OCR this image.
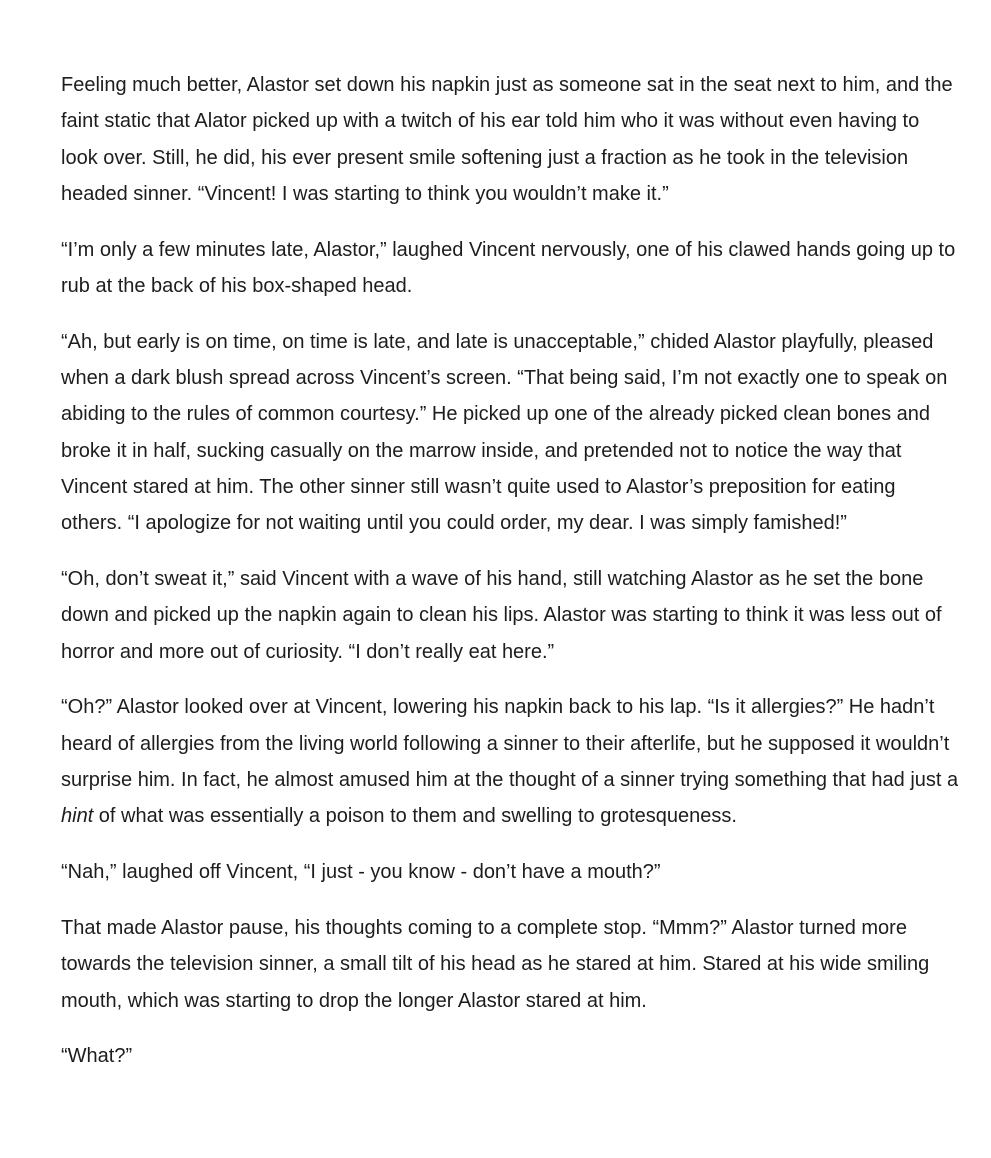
Feeling much better, Alastor set down his napkin just as someone sat in the seat next to him, and the faint static that Alator picked up with a twitch of his ear told him who it was without even having to look over. Still, he did, his ever present smile softening just a fraction as he took in the television headed sinner. “Vincent! I was starting to think you wouldn’t make it.”

“I’m only a few minutes late, Alastor,” laughed Vincent nervously, one of his clawed hands going up to rub at the back of his box-shaped head.

“Ah, but early is on time, on time is late, and late is unacceptable,” chided Alastor playfully, pleased when a dark blush spread across Vincent’s screen. “That being said, I’m not exactly one to speak on abiding to the rules of common courtesy.” He picked up one of the already picked clean bones and broke it in half, sucking casually on the marrow inside, and pretended not to notice the way that Vincent stared at him. The other sinner still wasn’t quite used to Alastor’s preposition for eating others. “I apologize for not waiting until you could order, my dear. I was simply famished!”

“Oh, don’t sweat it,” said Vincent with a wave of his hand, still watching Alastor as he set the bone down and picked up the napkin again to clean his lips. Alastor was starting to think it was less out of horror and more out of curiosity. “I don’t really eat here.”

“Oh?” Alastor looked over at Vincent, lowering his napkin back to his lap. “Is it allergies?” He hadn’t heard of allergies from the living world following a sinner to their afterlife, but he supposed it wouldn’t surprise him. In fact, he almost amused him at the thought of a sinner trying something that had just a hint of what was essentially a poison to them and swelling to grotesqueness.

“Nah,” laughed off Vincent, “I just - you know - don’t have a mouth?”

That made Alastor pause, his thoughts coming to a complete stop. “Mmm?” Alastor turned more towards the television sinner, a small tilt of his head as he stared at him. Stared at his wide smiling mouth, which was starting to drop the longer Alastor stared at him.

“What?”
